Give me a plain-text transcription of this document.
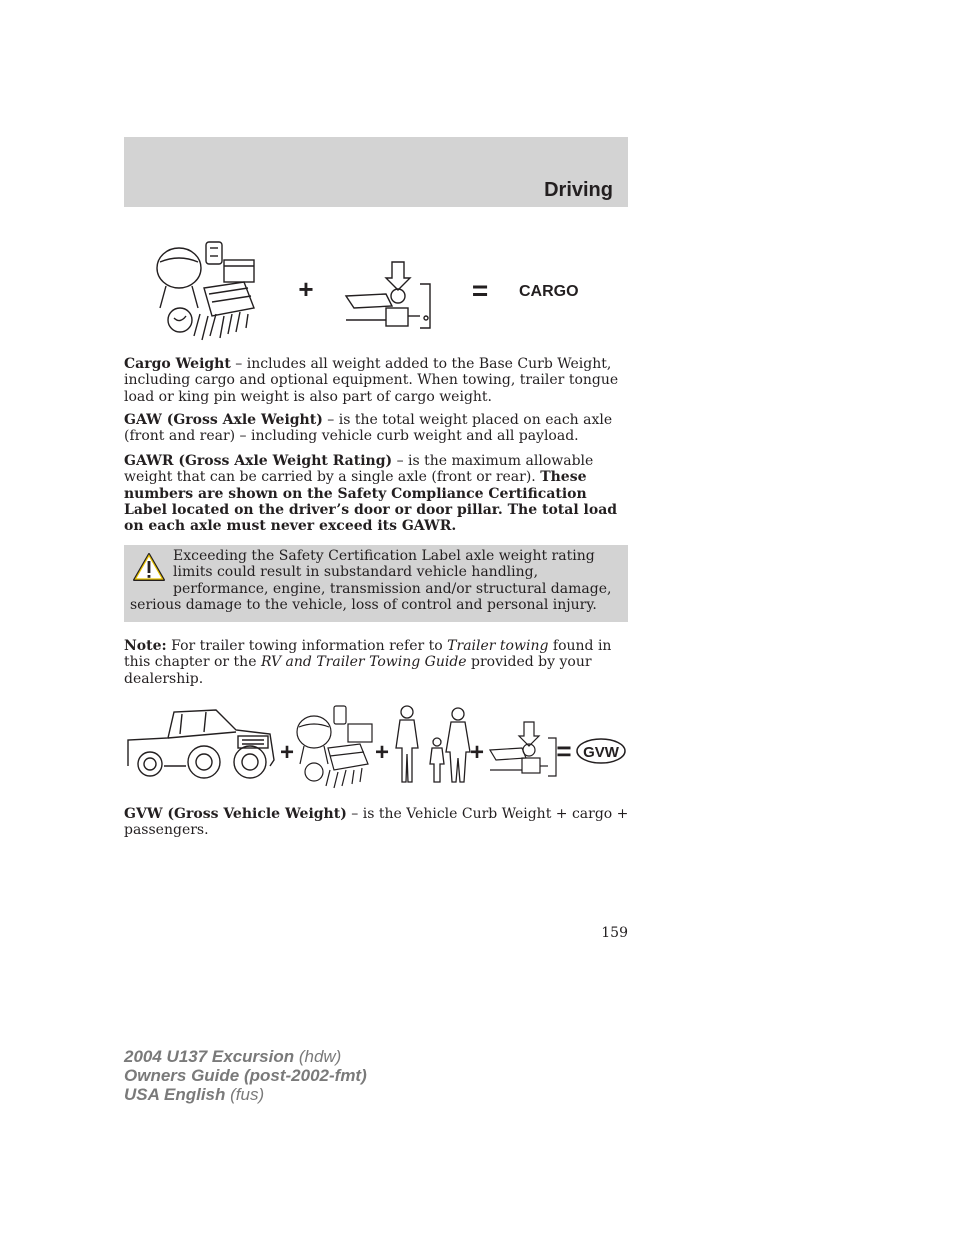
Driving
+	= CARGO
Cargo Weight – includes all weight added to the Base Curb Weight, including cargo and optional equipment. When towing, trailer tongue load or king pin weight is also part of cargo weight.
GAW (Gross Axle Weight) – is the total weight placed on each axle (front and rear) – including vehicle curb weight and all payload.
GAWR (Gross Axle Weight Rating) – is the maximum allowable weight that can be carried by a single axle (front or rear). These numbers are shown on the Safety Compliance Certification Label located on the driver’s door or door pillar. The total load on each axle must never exceed its GAWR.
Exceeding the Safety Certification Label axle weight rating limits could result in substandard vehicle handling, performance, engine, transmission and/or structural damage, serious damage to the vehicle, loss of control and personal injury.
Note: For trailer towing information refer to Trailer towing found in this chapter or the RV and Trailer Towing Guide provided by your dealership.
+	+	+	= GVW
GVW (Gross Vehicle Weight) – is the Vehicle Curb Weight + cargo + passengers.
159
2004 U137 Excursion (hdw)
Owners Guide (post-2002-fmt)
USA English (fus)
